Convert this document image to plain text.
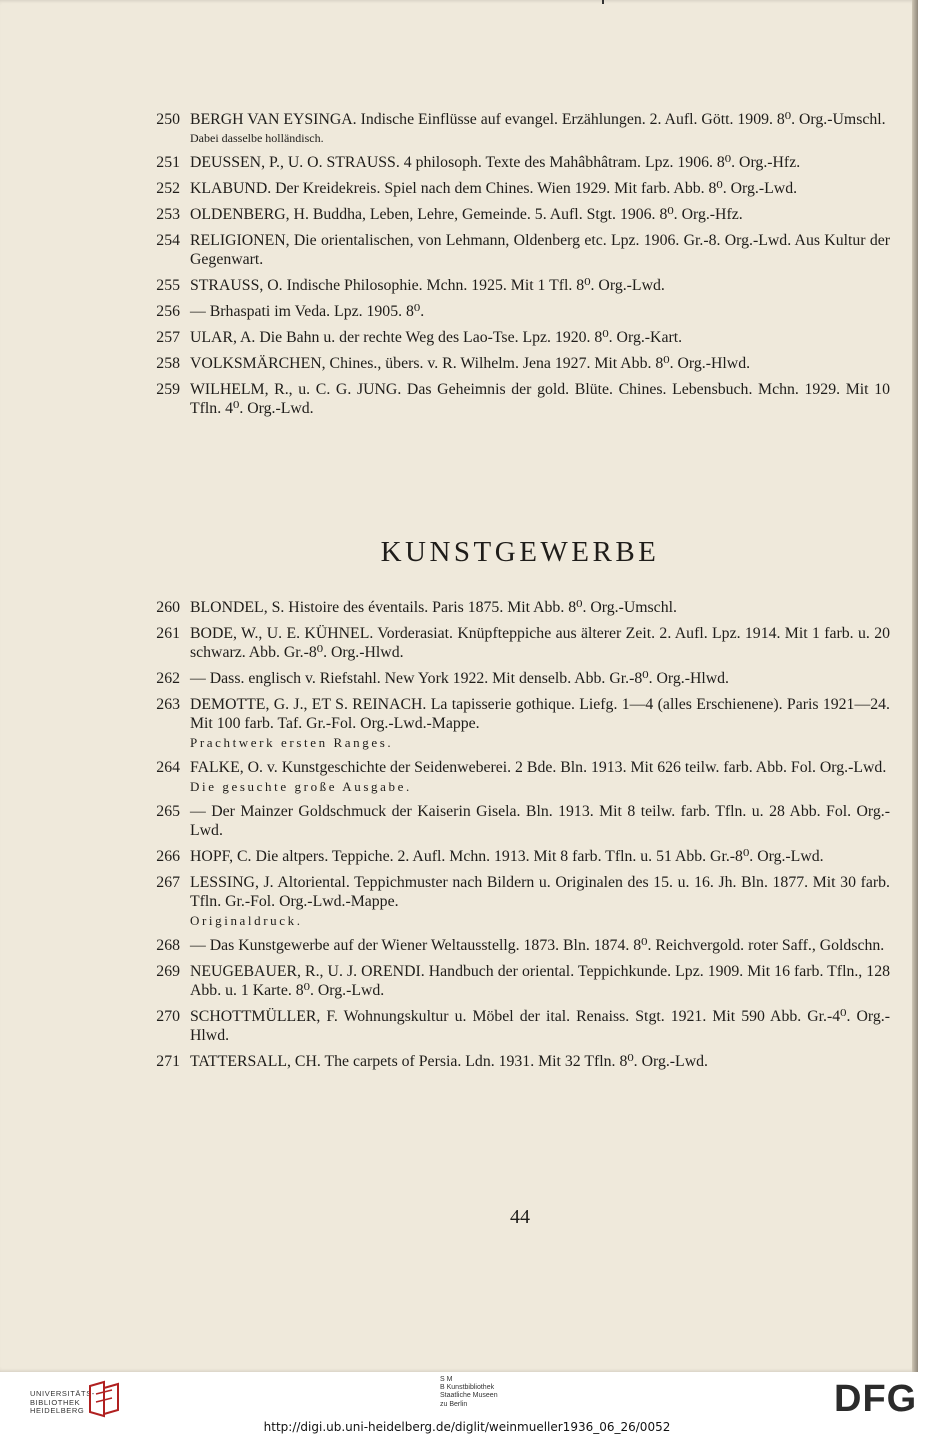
250 BERGH VAN EYSINGA. Indische Einflüsse auf evangel. Erzählungen. 2. Aufl. Gött. 1909. 8⁰. Org.-Umschl.
Dabei dasselbe holländisch.
251 DEUSSEN, P., U. O. STRAUSS. 4 philosoph. Texte des Mahâbhâtram. Lpz. 1906. 8⁰. Org.-Hfz.
252 KLABUND. Der Kreidekreis. Spiel nach dem Chines. Wien 1929. Mit farb. Abb. 8⁰. Org.-Lwd.
253 OLDENBERG, H. Buddha, Leben, Lehre, Gemeinde. 5. Aufl. Stgt. 1906. 8⁰. Org.-Hfz.
254 RELIGIONEN, Die orientalischen, von Lehmann, Oldenberg etc. Lpz. 1906. Gr.-8. Org.-Lwd. Aus Kultur der Gegenwart.
255 STRAUSS, O. Indische Philosophie. Mchn. 1925. Mit 1 Tfl. 8⁰. Org.-Lwd.
256 — Brhaspati im Veda. Lpz. 1905. 8⁰.
257 ULAR, A. Die Bahn u. der rechte Weg des Lao-Tse. Lpz. 1920. 8⁰. Org.-Kart.
258 VOLKSMÄRCHEN, Chines., übers. v. R. Wilhelm. Jena 1927. Mit Abb. 8⁰. Org.-Hlwd.
259 WILHELM, R., u. C. G. JUNG. Das Geheimnis der gold. Blüte. Chines. Lebensbuch. Mchn. 1929. Mit 10 Tfln. 4⁰. Org.-Lwd.
KUNSTGEWERBE
260 BLONDEL, S. Histoire des éventails. Paris 1875. Mit Abb. 8⁰. Org.-Umschl.
261 BODE, W., U. E. KÜHNEL. Vorderasiat. Knüpfteppiche aus älterer Zeit. 2. Aufl. Lpz. 1914. Mit 1 farb. u. 20 schwarz. Abb. Gr.-8⁰. Org.-Hlwd.
262 — Dass. englisch v. Riefstahl. New York 1922. Mit denselb. Abb. Gr.-8⁰. Org.-Hlwd.
263 DEMOTTE, G. J., ET S. REINACH. La tapisserie gothique. Liefg. 1—4 (alles Erschienene). Paris 1921—24. Mit 100 farb. Taf. Gr.-Fol. Org.-Lwd.-Mappe.
Prachtwerk ersten Ranges.
264 FALKE, O. v. Kunstgeschichte der Seidenweberei. 2 Bde. Bln. 1913. Mit 626 teilw. farb. Abb. Fol. Org.-Lwd.
Die gesuchte große Ausgabe.
265 — Der Mainzer Goldschmuck der Kaiserin Gisela. Bln. 1913. Mit 8 teilw. farb. Tfln. u. 28 Abb. Fol. Org.-Lwd.
266 HOPF, C. Die altpers. Teppiche. 2. Aufl. Mchn. 1913. Mit 8 farb. Tfln. u. 51 Abb. Gr.-8⁰. Org.-Lwd.
267 LESSING, J. Altoriental. Teppichmuster nach Bildern u. Originalen des 15. u. 16. Jh. Bln. 1877. Mit 30 farb. Tfln. Gr.-Fol. Org.-Lwd.-Mappe.
Originaldruck.
268 — Das Kunstgewerbe auf der Wiener Weltausstellg. 1873. Bln. 1874. 8⁰. Reichvergold. roter Saff., Goldschn.
269 NEUGEBAUER, R., U. J. ORENDI. Handbuch der oriental. Teppichkunde. Lpz. 1909. Mit 16 farb. Tfln., 128 Abb. u. 1 Karte. 8⁰. Org.-Lwd.
270 SCHOTTMÜLLER, F. Wohnungskultur u. Möbel der ital. Renaiss. Stgt. 1921. Mit 590 Abb. Gr.-4⁰. Org.-Hlwd.
271 TATTERSALL, CH. The carpets of Persia. Ldn. 1931. Mit 32 Tfln. 8⁰. Org.-Lwd.
44
UNIVERSITÄTS-
BIBLIOTHEK
HEIDELBERG
S M
B Kunstbibliothek
Staatliche Museen
zu Berlin	DFG
http://digi.ub.uni-heidelberg.de/diglit/weinmueller1936_06_26/0052
